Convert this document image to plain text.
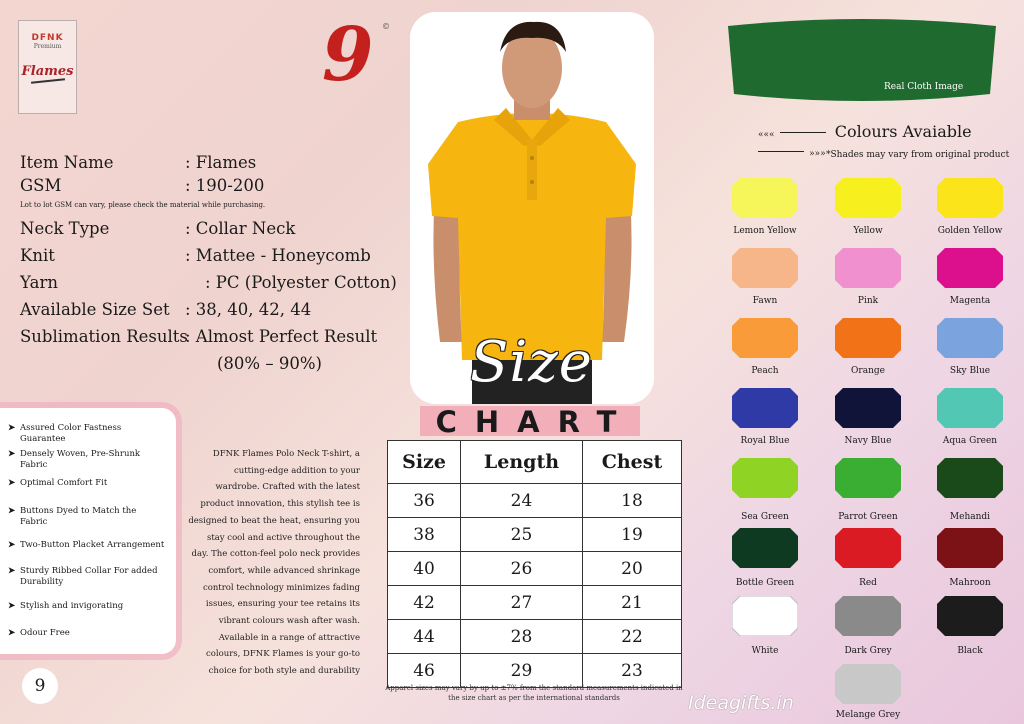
DFNK
Premium
Flames	9 ©
Item Name	: Flames
GSM	: 190-200
Neck Type	: Collar Neck
Knit	: Mattee - Honeycomb
Yarn	: PC (Polyester Cotton)
Available Size Set : 38, 40, 42, 44
Sublimation Results
: Almost Perfect Result
(80% – 90%)
Lot to lot GSM can vary, please check the material while purchasing.
➤ Assured Color Fastness Guarantee
➤ Densely Woven, Pre-Shrunk Fabric
➤ Optimal Comfort Fit
➤ Buttons Dyed to Match the Fabric
➤ Two-Button Placket Arrangement
➤ Sturdy Ribbed Collar For added Durability
➤ Stylish and invigorating
➤ Odour Free
9
DFNK Flames Polo Neck T-shirt, a cutting-edge addition to your wardrobe. Crafted with the latest product innovation, this stylish tee is designed to beat the heat, ensuring you stay cool and active throughout the day. The cotton-feel polo neck provides comfort, while advanced shrinkage control technology minimizes fading issues, ensuring your tee retains its vibrant colours wash after wash. Available in a range of attractive colours, DFNK Flames is your go-to choice for both style and durability
Size
CHART
Size	Length	Chest
36	24	18
38	25	19
40	26	20
42	27	21
44	28	22
46	29	23
Apparel sizes may vary by up to ±7% from the standard measurements indicated in the size chart as per the international standards	Ideagifts.in
Real Cloth Image
«««	Colours Avaiable  »»» *Shades may vary from original product
Lemon Yellow	Yellow	Golden Yellow
Fawn	Pink	Magenta
Peach	Orange	Sky Blue
Royal Blue	Navy Blue	Aqua Green
Sea Green	Parrot Green	Mehandi
Bottle Green	Red	Mahroon
White	Dark Grey	Black
Melange Grey
